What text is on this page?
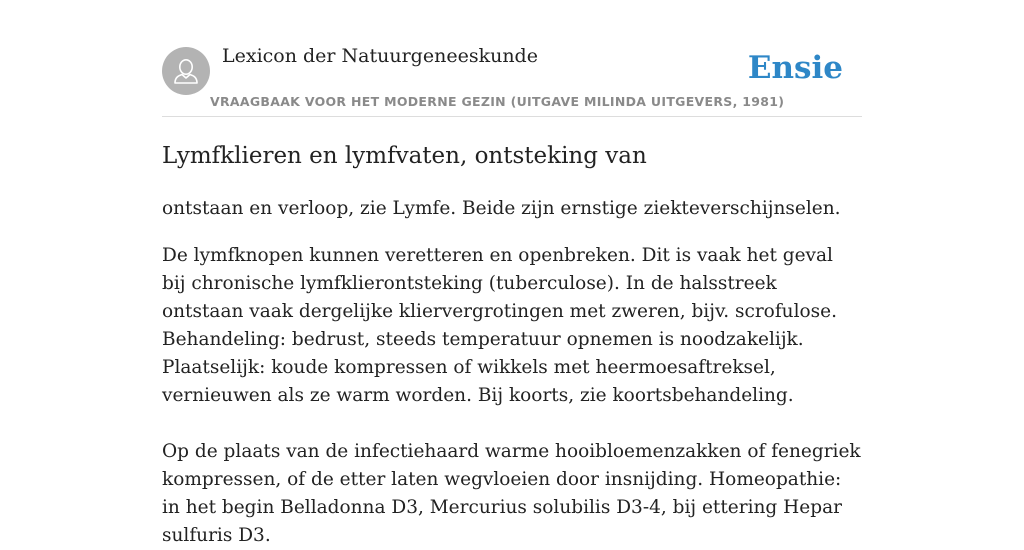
Lexicon der Natuurgeneeskunde
VRAAGBAAK VOOR HET MODERNE GEZIN (UITGAVE MILINDA UITGEVERS, 1981)
Ensie
Lymfklieren en lymfvaten, ontsteking van

ontstaan en verloop, zie Lymfe. Beide zijn ernstige ziekteverschijnselen.

De lymfknopen kunnen veretteren en openbreken. Dit is vaak het geval bij chronische lymfklierontsteking (tuberculose). In de halsstreek ontstaan vaak dergelijke kliervergrotingen met zweren, bijv. scrofulose. Behandeling: bedrust, steeds temperatuur opnemen is noodzakelijk. Plaatselijk: koude kompressen of wikkels met heermoesaftreksel, vernieuwen als ze warm worden. Bij koorts, zie koortsbehandeling.

Op de plaats van de infectiehaard warme hooibloemenzakken of fenegriek kompressen, of de etter laten wegvloeien door insnijding. Homeopathie: in het begin Belladonna D3, Mercurius solubilis D3-4, bij ettering Hepar sulfuris D3.
